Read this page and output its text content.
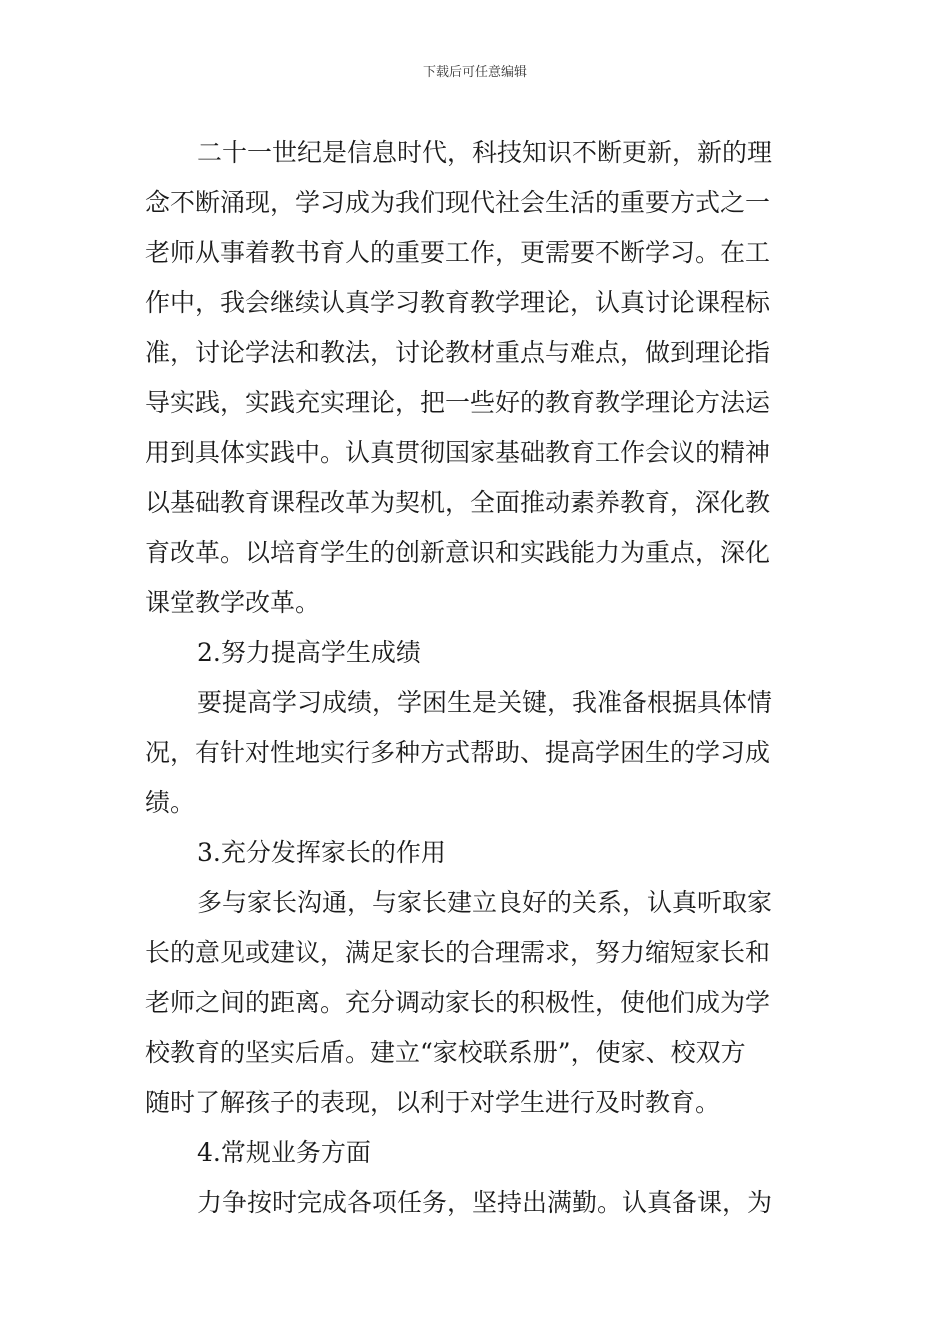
下载后可任意编辑
二十一世纪是信息时代，科技知识不断更新，新的理
念不断涌现，学习成为我们现代社会生活的重要方式之一
老师从事着教书育人的重要工作，更需要不断学习。在工
作中，我会继续认真学习教育教学理论，认真讨论课程标
准，讨论学法和教法，讨论教材重点与难点，做到理论指
导实践，实践充实理论，把一些好的教育教学理论方法运
用到具体实践中。认真贯彻国家基础教育工作会议的精神
以基础教育课程改革为契机，全面推动素养教育，深化教
育改革。以培育学生的创新意识和实践能力为重点，深化
课堂教学改革。
2.努力提高学生成绩
要提高学习成绩，学困生是关键，我准备根据具体情
况，有针对性地实行多种方式帮助、提高学困生的学习成
绩。
3.充分发挥家长的作用
多与家长沟通，与家长建立良好的关系，认真听取家
长的意见或建议，满足家长的合理需求，努力缩短家长和
老师之间的距离。充分调动家长的积极性，使他们成为学
校教育的坚实后盾。建立“家校联系册”，使家、校双方
随时了解孩子的表现，以利于对学生进行及时教育。
4.常规业务方面
力争按时完成各项任务，坚持出满勤。认真备课，为
